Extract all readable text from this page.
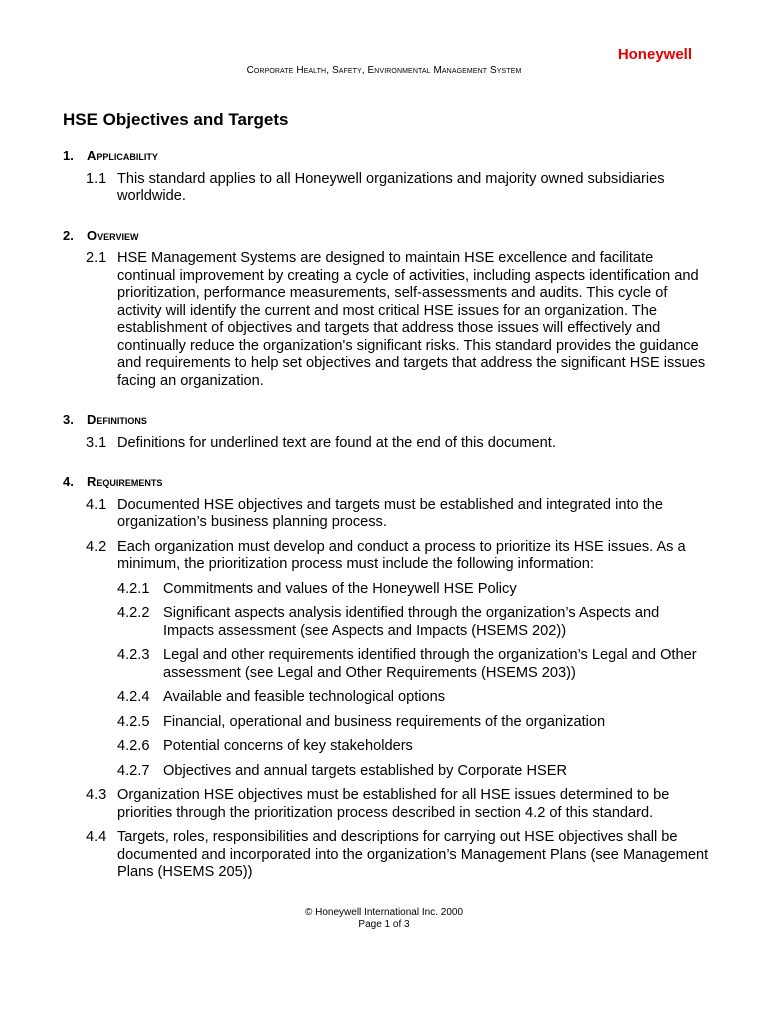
Honeywell
Corporate Health, Safety, Environmental Management System
HSE Objectives and Targets
1.	Applicability
1.1 This standard applies to all Honeywell organizations and majority owned subsidiaries worldwide.
2.	Overview
2.1 HSE Management Systems are designed to maintain HSE excellence and facilitate continual improvement by creating a cycle of activities, including aspects identification and prioritization, performance measurements, self-assessments and audits. This cycle of activity will identify the current and most critical HSE issues for an organization. The establishment of objectives and targets that address those issues will effectively and continually reduce the organization's significant risks. This standard provides the guidance and requirements to help set objectives and targets that address the significant HSE issues facing an organization.
3.	Definitions
3.1 Definitions for underlined text are found at the end of this document.
4.	Requirements
4.1 Documented HSE objectives and targets must be established and integrated into the organization’s business planning process.
4.2 Each organization must develop and conduct a process to prioritize its HSE issues. As a minimum, the prioritization process must include the following information:
4.2.1 Commitments and values of the Honeywell HSE Policy
4.2.2 Significant aspects analysis identified through the organization’s Aspects and Impacts assessment (see Aspects and Impacts (HSEMS 202))
4.2.3 Legal and other requirements identified through the organization’s Legal and Other assessment (see Legal and Other Requirements (HSEMS 203))
4.2.4 Available and feasible technological options
4.2.5 Financial, operational and business requirements of the organization
4.2.6 Potential concerns of key stakeholders
4.2.7 Objectives and annual targets established by Corporate HSER
4.3 Organization HSE objectives must be established for all HSE issues determined to be priorities through the prioritization process described in section 4.2 of this standard.
4.4 Targets, roles, responsibilities and descriptions for carrying out HSE objectives shall be documented and incorporated into the organization’s Management Plans (see Management Plans (HSEMS 205))
© Honeywell International Inc. 2000
Page 1 of 3
